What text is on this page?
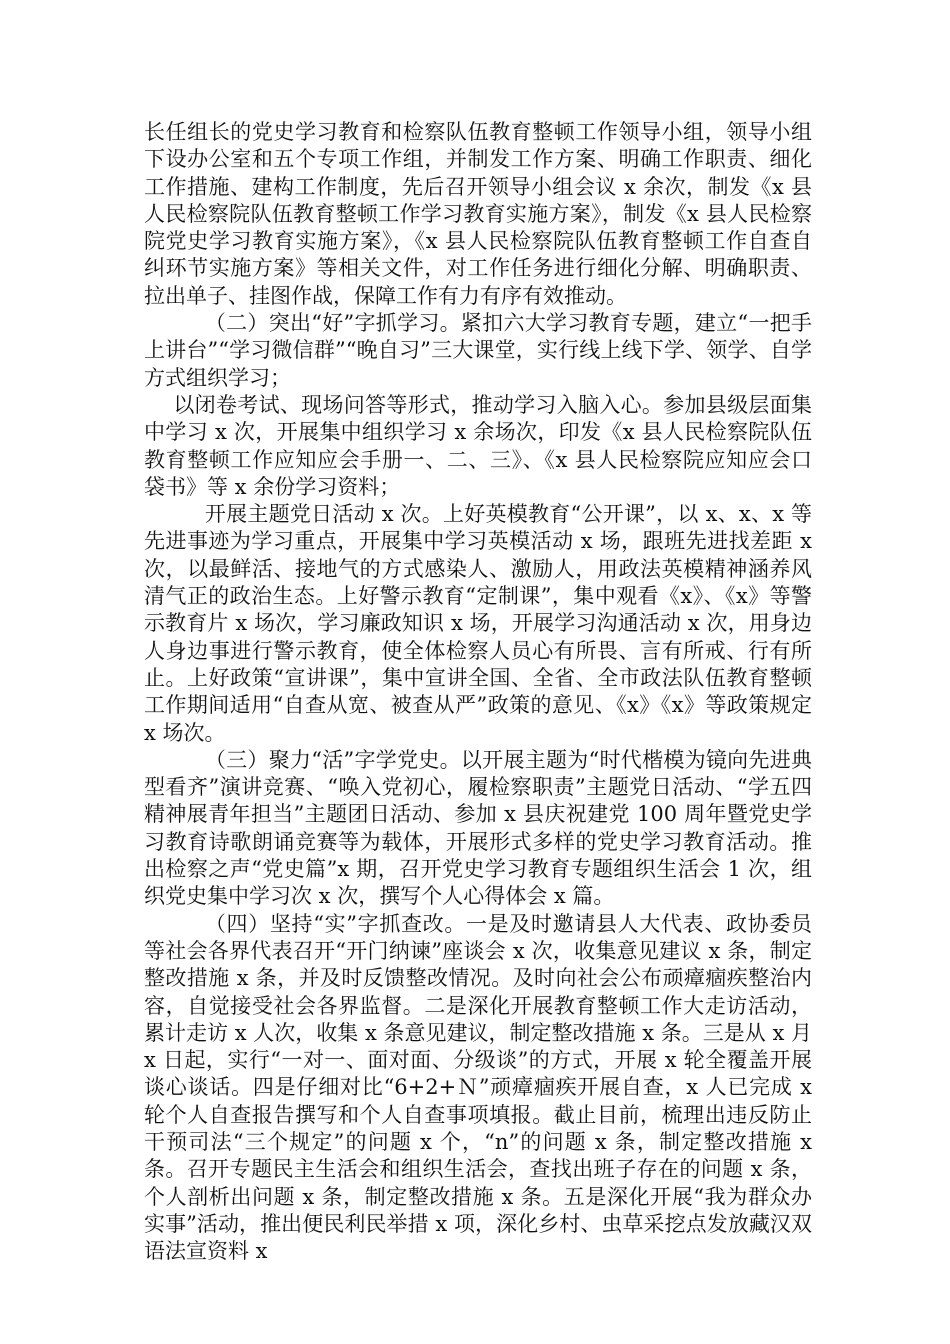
长任组长的党史学习教育和检察队伍教育整顿工作领导小组，领导小组下设办公室和五个专项工作组，并制发工作方案、明确工作职责、细化工作措施、建构工作制度，先后召开领导小组会议 x 余次，制发《x 县人民检察院队伍教育整顿工作学习教育实施方案》，制发《x 县人民检察院党史学习教育实施方案》，《x 县人民检察院队伍教育整顿工作自查自纠环节实施方案》等相关文件，对工作任务进行细化分解、明确职责、拉出单子、挂图作战，保障工作有力有序有效推动。

（二）突出“好”字抓学习。紧扣六大学习教育专题，建立“一把手上讲台”“学习微信群”“晚自习”三大课堂，实行线上线下学、领学、自学方式组织学习；

以闭卷考试、现场问答等形式，推动学习入脑入心。参加县级层面集中学习 x 次，开展集中组织学习 x 余场次，印发《x 县人民检察院队伍教育整顿工作应知应会手册一、二、三》、《x 县人民检察院应知应会口袋书》等 x 余份学习资料；

开展主题党日活动 x 次。上好英模教育“公开课”，以 x、x、x 等先进事迹为学习重点，开展集中学习英模活动 x 场，跟班先进找差距 x 次，以最鲜活、接地气的方式感染人、激励人，用政法英模精神涵养风清气正的政治生态。上好警示教育“定制课”，集中观看《x》、《x》等警示教育片 x 场次，学习廉政知识 x 场，开展学习沟通活动 x 次，用身边人身边事进行警示教育，使全体检察人员心有所畏、言有所戒、行有所止。上好政策“宣讲课”，集中宣讲全国、全省、全市政法队伍教育整顿工作期间适用“自查从宽、被查从严”政策的意见、《x》《x》等政策规定 x 场次。

（三）聚力“活”字学党史。以开展主题为“时代楷模为镜向先进典型看齐”演讲竞赛、“唤入党初心，履检察职责”主题党日活动、“学五四精神展青年担当”主题团日活动、参加 x 县庆祝建党 100 周年暨党史学习教育诗歌朗诵竞赛等为载体，开展形式多样的党史学习教育活动。推出检察之声“党史篇”x 期，召开党史学习教育专题组织生活会 1 次，组织党史集中学习次 x 次，撰写个人心得体会 x 篇。

（四）坚持“实”字抓查改。一是及时邀请县人大代表、政协委员等社会各界代表召开“开门纳谏”座谈会 x 次，收集意见建议 x 条，制定整改措施 x 条，并及时反馈整改情况。及时向社会公布顽瘴痼疾整治内容，自觉接受社会各界监督。二是深化开展教育整顿工作大走访活动，累计走访 x 人次，收集 x 条意见建议，制定整改措施 x 条。三是从 x 月 x 日起，实行“一对一、面对面、分级谈”的方式，开展 x 轮全覆盖开展谈心谈话。四是仔细对比“6+2+Ｎ”顽瘴痼疾开展自查，x 人已完成 x 轮个人自查报告撰写和个人自查事项填报。截止目前，梳理出违反防止干预司法“三个规定”的问题 x 个，“n”的问题 x 条，制定整改措施 x 条。召开专题民主生活会和组织生活会，查找出班子存在的问题 x 条，个人剖析出问题 x 条，制定整改措施 x 条。五是深化开展“我为群众办实事”活动，推出便民利民举措 x 项，深化乡村、虫草采挖点发放藏汉双语法宣资料 x
